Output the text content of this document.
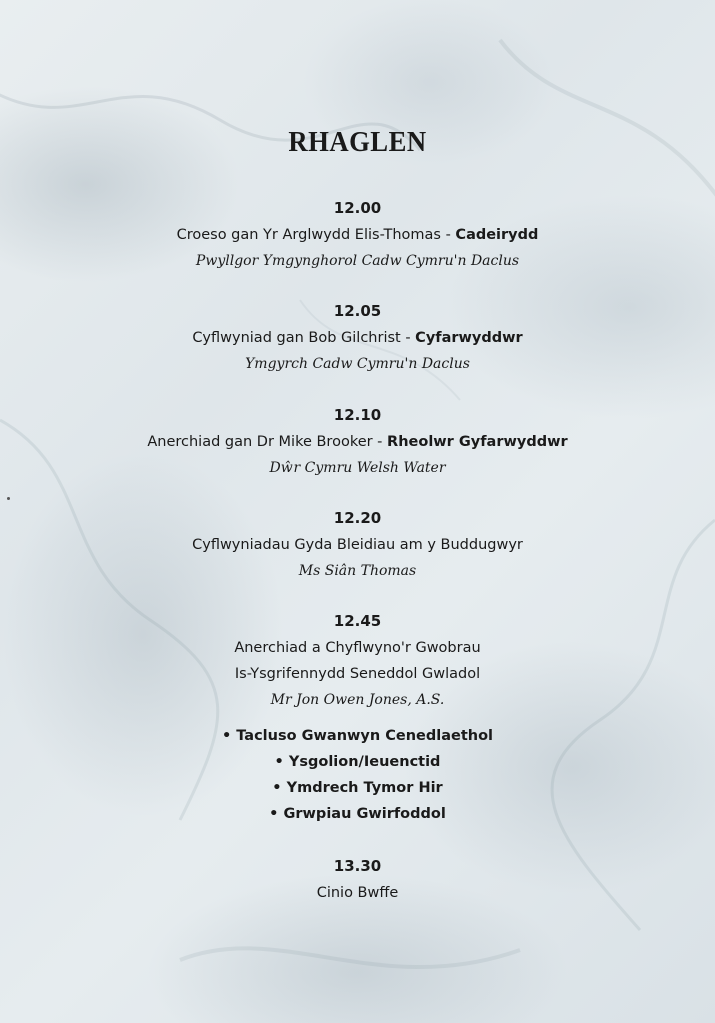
RHAGLEN
12.00
Croeso gan Yr Arglwydd Elis-Thomas - Cadeirydd
Pwyllgor Ymgynghorol Cadw Cymru'n Daclus
12.05
Cyflwyniad gan Bob Gilchrist - Cyfarwyddwr
Ymgyrch Cadw Cymru'n Daclus
12.10
Anerchiad gan Dr Mike Brooker - Rheolwr Gyfarwyddwr
Dŵr Cymru Welsh Water
12.20
Cyflwyniadau Gyda Bleidiau am y Buddugwyr
Ms Siân Thomas
12.45
Anerchiad a Chyflwyno'r Gwobrau
Is-Ysgrifennydd Seneddol Gwladol
Mr Jon Owen Jones, A.S.
• Tacluso Gwanwyn Cenedlaethol
• Ysgolion/Ieuenctid
• Ymdrech Tymor Hir
• Grwpiau Gwirfoddol
13.30
Cinio Bwffe
